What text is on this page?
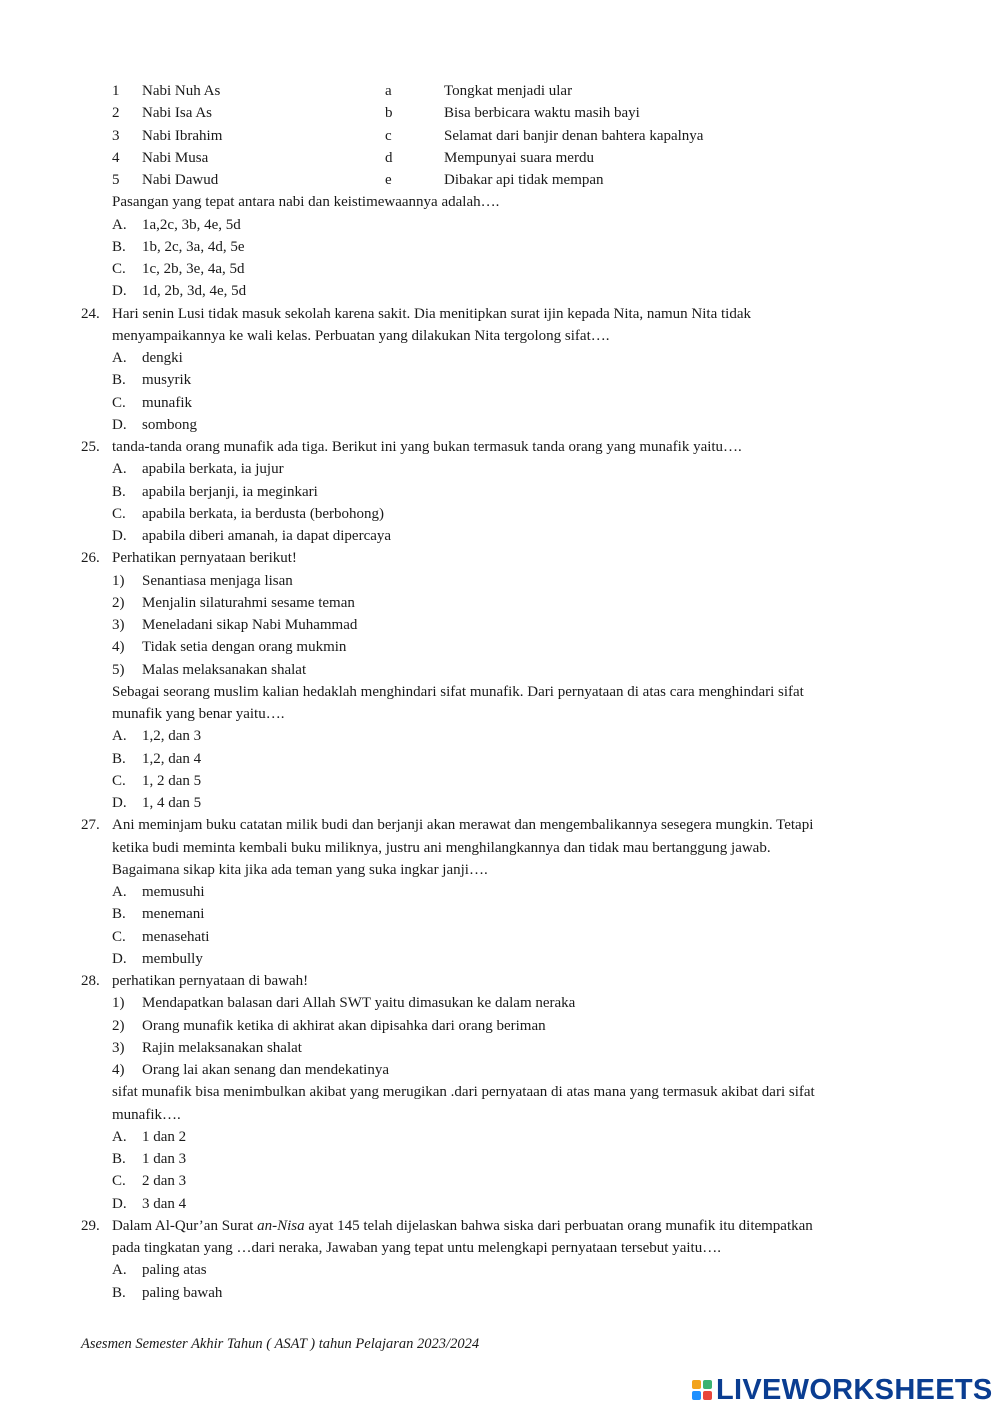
1 Nabi Nuh As	a	Tongkat menjadi ular
2 Nabi Isa As	b	Bisa berbicara waktu masih bayi
3 Nabi Ibrahim	c	Selamat dari banjir denan bahtera kapalnya
4 Nabi Musa	d	Mempunyai suara merdu
5 Nabi Dawud	e	Dibakar api tidak mempan
Pasangan yang tepat antara nabi dan keistimewaannya adalah….
A. 1a,2c, 3b, 4e, 5d
B. 1b, 2c, 3a, 4d, 5e
C. 1c, 2b, 3e, 4a, 5d
D. 1d, 2b, 3d, 4e, 5d
24. Hari senin Lusi tidak masuk sekolah karena sakit. Dia menitipkan surat ijin kepada Nita, namun Nita tidak
menyampaikannya ke wali kelas. Perbuatan yang dilakukan Nita tergolong sifat….
A. dengki
B. musyrik
C. munafik
D. sombong
25. tanda-tanda orang munafik ada tiga. Berikut ini yang bukan termasuk tanda orang yang munafik yaitu….
A. apabila berkata, ia jujur
B. apabila berjanji, ia meginkari
C. apabila berkata, ia berdusta (berbohong)
D. apabila diberi amanah, ia dapat dipercaya
26. Perhatikan pernyataan berikut!
1) Senantiasa menjaga lisan
2) Menjalin silaturahmi sesame teman
3) Meneladani sikap Nabi Muhammad
4) Tidak setia dengan orang mukmin
5) Malas melaksanakan shalat
Sebagai seorang muslim kalian hedaklah menghindari sifat munafik. Dari pernyataan di atas cara menghindari sifat
munafik yang benar yaitu….
A. 1,2, dan 3
B. 1,2, dan 4
C. 1, 2 dan 5
D. 1, 4 dan 5
27. Ani meminjam buku catatan milik budi dan berjanji akan merawat dan mengembalikannya sesegera mungkin. Tetapi
ketika budi meminta kembali buku miliknya, justru ani menghilangkannya dan tidak mau bertanggung jawab.
Bagaimana sikap kita jika ada teman yang suka ingkar janji….
A. memusuhi
B. menemani
C. menasehati
D. membully
28. perhatikan pernyataan di bawah!
1) Mendapatkan balasan dari Allah SWT yaitu dimasukan ke dalam neraka
2) Orang munafik ketika di akhirat akan dipisahka dari orang beriman
3) Rajin melaksanakan shalat
4) Orang lai akan senang dan mendekatinya
sifat munafik bisa menimbulkan akibat yang merugikan .dari pernyataan di atas mana yang termasuk akibat dari sifat
munafik….
A. 1 dan 2
B. 1 dan 3
C. 2 dan 3
D. 3 dan 4
29. Dalam Al-Qur’an Surat an-Nisa ayat 145 telah dijelaskan bahwa siska dari perbuatan orang munafik itu ditempatkan
pada tingkatan yang …dari neraka, Jawaban yang tepat untu melengkapi pernyataan tersebut yaitu….
A. paling atas
B. paling bawah
Asesmen Semester Akhir Tahun ( ASAT ) tahun Pelajaran 2023/2024
LIVEWORKSHEETS
